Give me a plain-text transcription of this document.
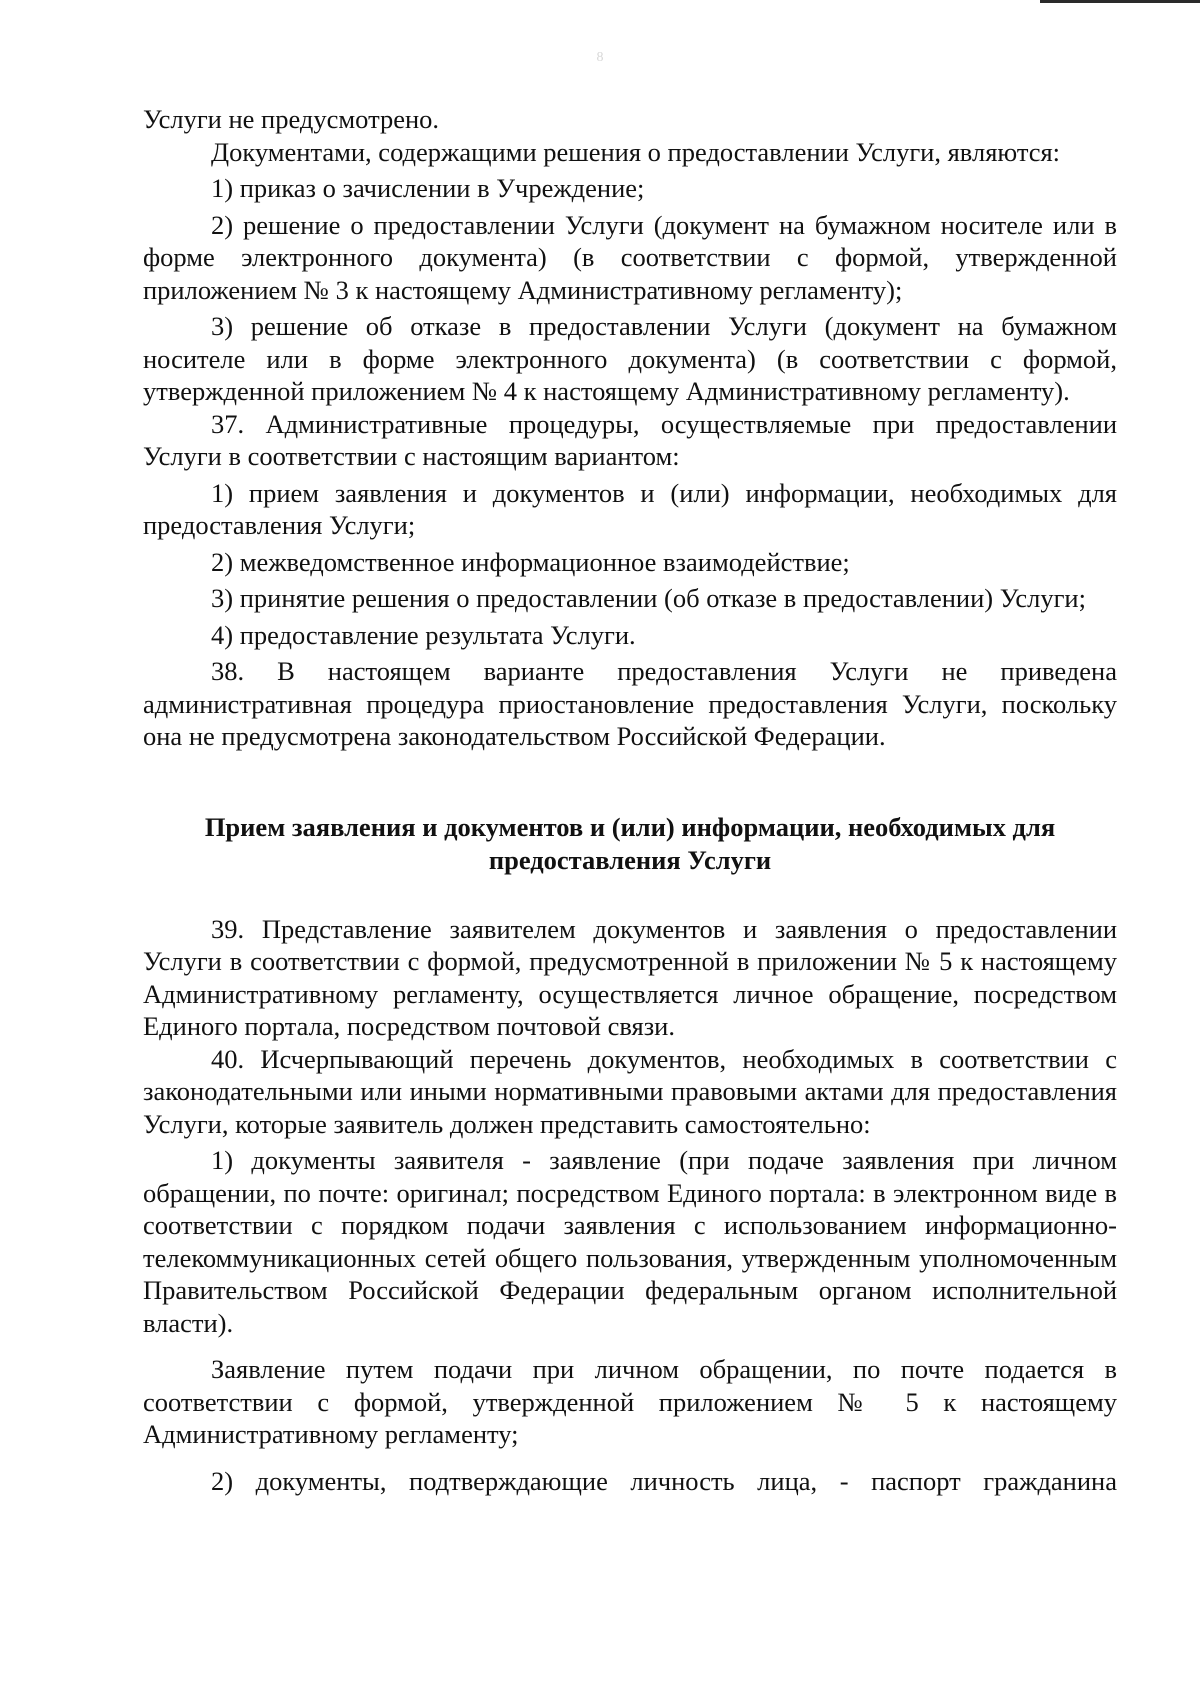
8

Услуги не предусмотрено.

Документами, содержащими решения о предоставлении Услуги, являются:

1) приказ о зачислении в Учреждение;

2) решение о предоставлении Услуги (документ на бумажном носителе или в форме электронного документа) (в соответствии с формой, утвержденной приложением № 3 к настоящему Административному регламенту);

3) решение об отказе в предоставлении Услуги (документ на бумажном носителе или в форме электронного документа) (в соответствии с формой, утвержденной приложением № 4 к настоящему Административному регламенту).

37. Административные процедуры, осуществляемые при предоставлении Услуги в соответствии с настоящим вариантом:

1) прием заявления и документов и (или) информации, необходимых для предоставления Услуги;

2) межведомственное информационное взаимодействие;

3) принятие решения о предоставлении (об отказе в предоставлении) Услуги;

4) предоставление результата Услуги.

38. В настоящем варианте предоставления Услуги не приведена административная процедура приостановление предоставления Услуги, поскольку она не предусмотрена законодательством Российской Федерации.

Прием заявления и документов и (или) информации, необходимых для
предоставления Услуги

39. Представление заявителем документов и заявления о предоставлении Услуги в соответствии с формой, предусмотренной в приложении № 5 к настоящему Административному регламенту, осуществляется личное обращение, посредством Единого портала, посредством почтовой связи.

40. Исчерпывающий перечень документов, необходимых в соответствии с законодательными или иными нормативными правовыми актами для предоставления Услуги, которые заявитель должен представить самостоятельно:

1) документы заявителя - заявление (при подаче заявления при личном обращении, по почте: оригинал; посредством Единого портала: в электронном виде в соответствии с порядком подачи заявления с использованием информационно-телекоммуникационных сетей общего пользования, утвержденным уполномоченным Правительством Российской Федерации федеральным органом исполнительной власти).

Заявление путем подачи при личном обращении, по почте подается в соответствии с формой, утвержденной приложением № 5 к настоящему Административному регламенту;

2) документы, подтверждающие личность лица, - паспорт гражданина
